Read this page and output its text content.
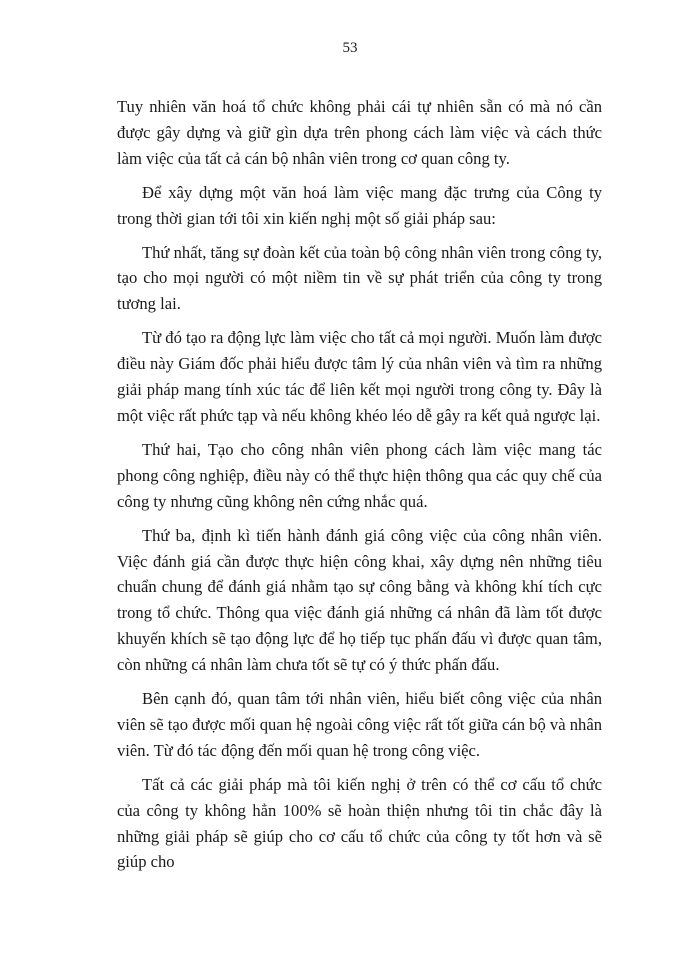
53

Tuy nhiên văn hoá tổ chức không phải cái tự nhiên sẵn có mà nó cần được gây dựng và giữ gìn dựa trên phong cách làm việc và cách thức làm việc của tất cả cán bộ nhân viên trong cơ quan công ty.

Để xây dựng một văn hoá làm việc mang đặc trưng của Công ty trong thời gian tới tôi xin kiến nghị một số giải pháp sau:

Thứ nhất, tăng sự đoàn kết của toàn bộ công nhân viên trong công ty, tạo cho mọi người có một niềm tin về sự phát triển của công ty trong tương lai.

Từ đó tạo ra động lực làm việc cho tất cả mọi người. Muốn làm được điều này Giám đốc phải hiểu được tâm lý của nhân viên và tìm ra những giải pháp mang tính xúc tác để liên kết mọi người trong công ty. Đây là một việc rất phức tạp và nếu không khéo léo dễ gây ra kết quả ngược lại.

Thứ hai, Tạo cho công nhân viên phong cách làm việc mang tác phong công nghiệp, điều này có thể thực hiện thông qua các quy chế của công ty nhưng cũng không nên cứng nhắc quá.

Thứ ba, định kì tiến hành đánh giá công việc của công nhân viên. Việc đánh giá cần được thực hiện công khai, xây dựng nên những tiêu chuẩn chung để đánh giá nhằm tạo sự công bằng và không khí tích cực trong tổ chức. Thông qua việc đánh giá những cá nhân đã làm tốt được khuyến khích sẽ tạo động lực để họ tiếp tục phấn đấu vì được quan tâm, còn những cá nhân làm chưa tốt sẽ tự có ý thức phấn đấu.

Bên cạnh đó, quan tâm tới nhân viên, hiểu biết công việc của nhân viên sẽ tạo được mối quan hệ ngoài công việc rất tốt giữa cán bộ và nhân viên. Từ đó tác động đến mối quan hệ trong công việc.

Tất cả các giải pháp mà tôi kiến nghị ở trên có thể cơ cấu tổ chức của công ty không hẳn 100% sẽ hoàn thiện nhưng tôi tin chắc đây là những giải pháp sẽ giúp cho cơ cấu tổ chức của công ty tốt hơn và sẽ giúp cho
